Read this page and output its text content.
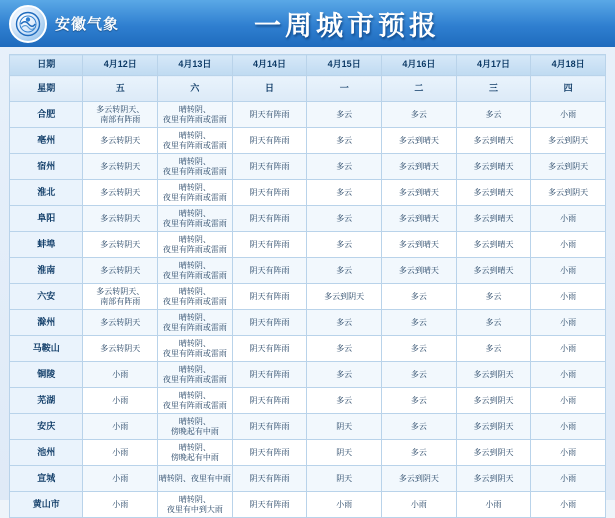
安徽气象	一周城市预报
日期	4月12日	4月13日	4月14日	4月15日	4月16日	4月17日	4月18日
星期	五	六	日	一	二	三	四
合肥	多云转阴天、南部有阵雨	晴转阴、夜里有阵雨或雷雨	阴天有阵雨	多云	多云	多云	小雨
亳州	多云转阴天	晴转阴、夜里有阵雨或雷雨	阴天有阵雨	多云	多云到晴天	多云到晴天	多云到阴天
宿州	多云转阴天	晴转阴、夜里有阵雨或雷雨	阴天有阵雨	多云	多云到晴天	多云到晴天	多云到阴天
淮北	多云转阴天	晴转阴、夜里有阵雨或雷雨	阴天有阵雨	多云	多云到晴天	多云到晴天	多云到阴天
阜阳	多云转阴天	晴转阴、夜里有阵雨或雷雨	阴天有阵雨	多云	多云到晴天	多云到晴天	小雨
蚌埠	多云转阴天	晴转阴、夜里有阵雨或雷雨	阴天有阵雨	多云	多云到晴天	多云到晴天	小雨
淮南	多云转阴天	晴转阴、夜里有阵雨或雷雨	阴天有阵雨	多云	多云到晴天	多云到晴天	小雨
六安	多云转阴天、南部有阵雨	晴转阴、夜里有阵雨或雷雨	阴天有阵雨	多云到阴天	多云	多云	小雨
滁州	多云转阴天	晴转阴、夜里有阵雨或雷雨	阴天有阵雨	多云	多云	多云	小雨
马鞍山	多云转阴天	晴转阴、夜里有阵雨或雷雨	阴天有阵雨	多云	多云	多云	小雨
铜陵	小雨	晴转阴、夜里有阵雨或雷雨	阴天有阵雨	多云	多云	多云到阴天	小雨
芜湖	小雨	晴转阴、夜里有阵雨或雷雨	阴天有阵雨	多云	多云	多云到阴天	小雨
安庆	小雨	晴转阴、傍晚起有中雨	阴天有阵雨	阴天	多云	多云到阴天	小雨
池州	小雨	晴转阴、傍晚起有中雨	阴天有阵雨	阴天	多云	多云到阴天	小雨
宣城	小雨	晴转阴、夜里有中雨	阴天有阵雨	阴天	多云到阴天	多云到阴天	小雨
黄山市	小雨	晴转阴、夜里有中到大雨	阴天有阵雨	小雨	小雨	小雨	小雨
